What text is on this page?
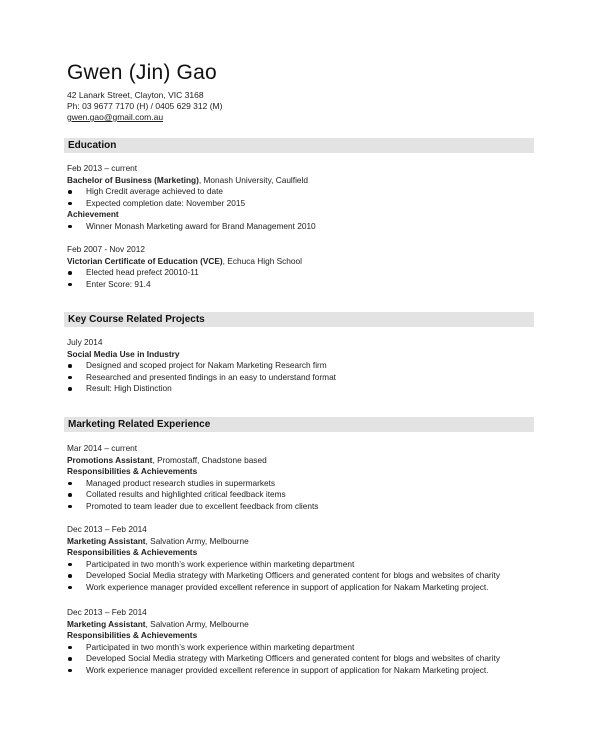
Gwen (Jin) Gao
42 Lanark Street, Clayton, VIC 3168
Ph: 03 9677 7170 (H) / 0405 629 312 (M)
gwen.gao@gmail.com.au
Education
Feb 2013 – current
Bachelor of Business (Marketing), Monash University, Caulfield
High Credit average achieved to date
Expected completion date: November 2015
Achievement
Winner Monash Marketing award for Brand Management 2010
Feb 2007 - Nov 2012
Victorian Certificate of Education (VCE), Echuca High School
Elected head prefect 20010-11
Enter Score: 91.4
Key Course Related Projects
July 2014
Social Media Use in Industry
Designed and scoped project for Nakam Marketing Research firm
Researched and presented findings in an easy to understand format
Result: High Distinction
Marketing Related Experience
Mar 2014 – current
Promotions Assistant, Promostaff, Chadstone based
Responsibilities & Achievements
Managed product research studies in supermarkets
Collated results and highlighted critical feedback items
Promoted to team leader due to excellent feedback from clients
Dec 2013 – Feb 2014
Marketing Assistant, Salvation Army, Melbourne
Responsibilities & Achievements
Participated in two month’s work experience within marketing department
Developed Social Media strategy with Marketing Officers and generated content for blogs and websites of charity
Work experience manager provided excellent reference in support of application for Nakam Marketing project.
Dec 2013 – Feb 2014
Marketing Assistant, Salvation Army, Melbourne
Responsibilities & Achievements
Participated in two month’s work experience within marketing department
Developed Social Media strategy with Marketing Officers and generated content for blogs and websites of charity
Work experience manager provided excellent reference in support of application for Nakam Marketing project.
